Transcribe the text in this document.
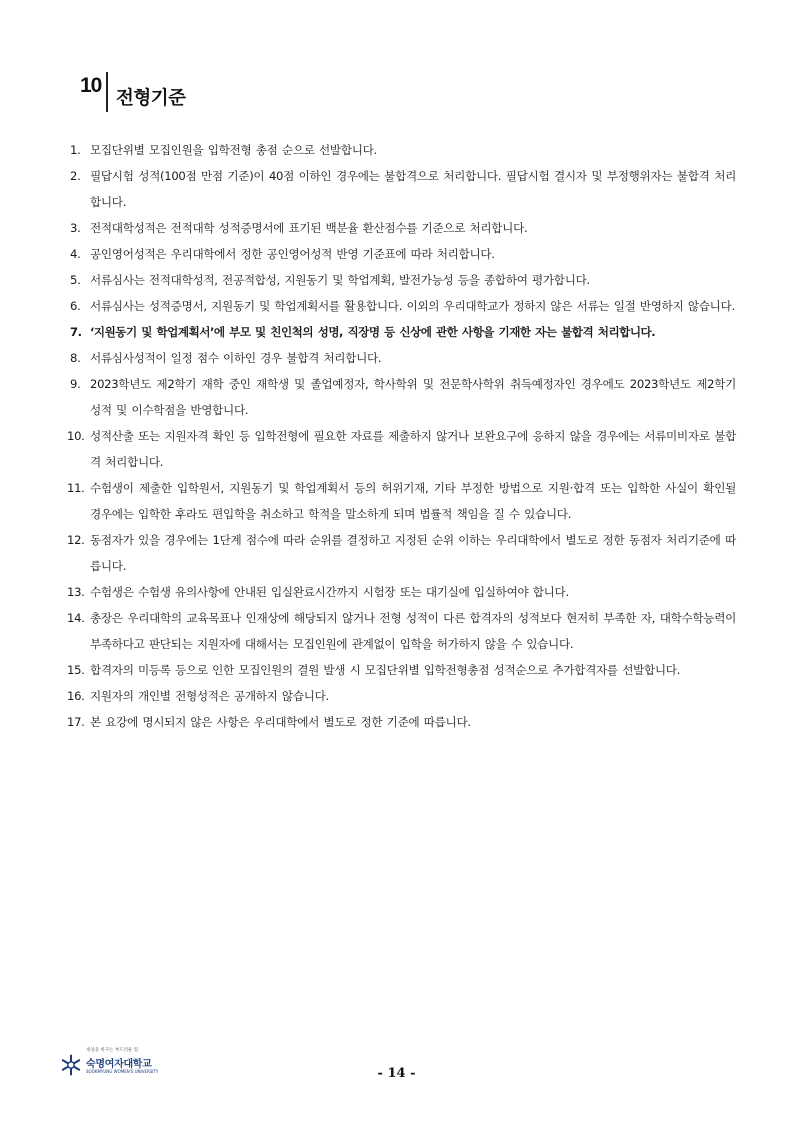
10
전형기준
1. 모집단위별 모집인원을 입학전형 총점 순으로 선발합니다.
2. 필답시험 성적(100점 만점 기준)이 40점 이하인 경우에는 불합격으로 처리합니다. 필답시험 결시자 및 부정행위자는 불합격 처리합니다.
3. 전적대학성적은 전적대학 성적증명서에 표기된 백분율 환산점수를 기준으로 처리합니다.
4. 공인영어성적은 우리대학에서 정한 공인영어성적 반영 기준표에 따라 처리합니다.
5. 서류심사는 전적대학성적, 전공적합성, 지원동기 및 학업계획, 발전가능성 등을 종합하여 평가합니다.
6. 서류심사는 성적증명서, 지원동기 및 학업계획서를 활용합니다. 이외의 우리대학교가 정하지 않은 서류는 일절 반영하지 않습니다.
7. ‘지원동기 및 학업계획서’에 부모 및 친인척의 성명, 직장명 등 신상에 관한 사항을 기재한 자는 불합격 처리합니다.
8. 서류심사성적이 일정 점수 이하인 경우 불합격 처리합니다.
9. 2023학년도 제2학기 재학 중인 재학생 및 졸업예정자, 학사학위 및 전문학사학위 취득예정자인 경우에도 2023학년도 제2학기 성적 및 이수학점을 반영합니다.
10. 성적산출 또는 지원자격 확인 등 입학전형에 필요한 자료를 제출하지 않거나 보완요구에 응하지 않을 경우에는 서류미비자로 불합격 처리합니다.
11. 수험생이 제출한 입학원서, 지원동기 및 학업계획서 등의 허위기재, 기타 부정한 방법으로 지원·합격 또는 입학한 사실이 확인될 경우에는 입학한 후라도 편입학을 취소하고 학적을 말소하게 되며 법률적 책임을 질 수 있습니다.
12. 동점자가 있을 경우에는 1단계 점수에 따라 순위를 결정하고 지정된 순위 이하는 우리대학에서 별도로 정한 동점자 처리기준에 따릅니다.
13. 수험생은 수험생 유의사항에 안내된 입실완료시간까지 시험장 또는 대기실에 입실하여야 합니다.
14. 총장은 우리대학의 교육목표나 인재상에 해당되지 않거나 전형 성적이 다른 합격자의 성적보다 현저히 부족한 자, 대학수학능력이 부족하다고 판단되는 지원자에 대해서는 모집인원에 관계없이 입학을 허가하지 않을 수 있습니다.
15. 합격자의 미등록 등으로 인한 모집인원의 결원 발생 시 모집단위별 입학전형총점 성적순으로 추가합격자를 선발합니다.
16. 지원자의 개인별 전형성적은 공개하지 않습니다.
17. 본 요강에 명시되지 않은 사항은 우리대학에서 별도로 정한 기준에 따릅니다.
세상을 바꾸는 부드러운 힘
숙명여자대학교
SOOKMYUNG WOMEN'S UNIVERSITY	- 14 -
